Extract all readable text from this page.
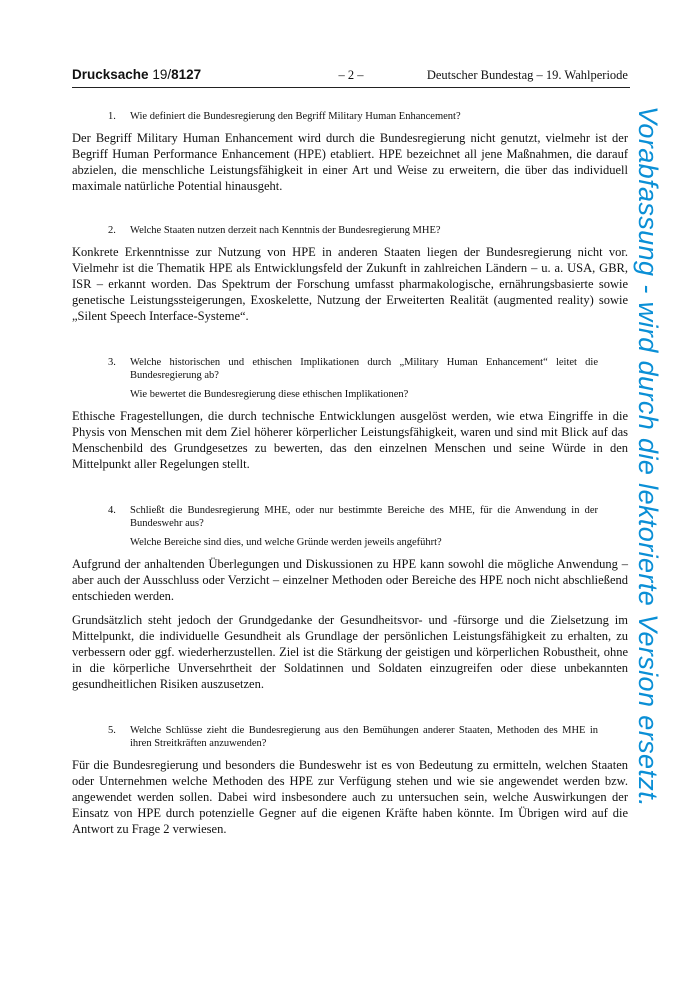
Drucksache 19/8127	– 2 –	Deutscher Bundestag – 19. Wahlperiode
1.	Wie definiert die Bundesregierung den Begriff Military Human Enhancement?

Der Begriff Military Human Enhancement wird durch die Bundesregierung nicht genutzt, vielmehr ist der Begriff Human Performance Enhancement (HPE) etabliert. HPE bezeichnet all jene Maßnahmen, die darauf abzielen, die menschliche Leistungsfähigkeit in einer Art und Weise zu erweitern, die über das individuell maximale natürliche Potential hinausgeht.

2.	Welche Staaten nutzen derzeit nach Kenntnis der Bundesregierung MHE?

Konkrete Erkenntnisse zur Nutzung von HPE in anderen Staaten liegen der Bundesregierung nicht vor. Vielmehr ist die Thematik HPE als Entwicklungsfeld der Zukunft in zahlreichen Ländern – u. a. USA, GBR, ISR – erkannt worden. Das Spektrum der Forschung umfasst pharmakologische, ernährungsbasierte sowie genetische Leistungssteigerungen, Exoskelette, Nutzung der Erweiterten Realität (augmented reality) sowie „Silent Speech Interface-Systeme“.

3.	Welche historischen und ethischen Implikationen durch „Military Human Enhancement“ leitet die Bundesregierung ab?
Wie bewertet die Bundesregierung diese ethischen Implikationen?

Ethische Fragestellungen, die durch technische Entwicklungen ausgelöst werden, wie etwa Eingriffe in die Physis von Menschen mit dem Ziel höherer körperlicher Leistungsfähigkeit, waren und sind mit Blick auf das Menschenbild des Grundgesetzes zu bewerten, das den einzelnen Menschen und seine Würde in den Mittelpunkt aller Regelungen stellt.

4.	Schließt die Bundesregierung MHE, oder nur bestimmte Bereiche des MHE, für die Anwendung in der Bundeswehr aus?
Welche Bereiche sind dies, und welche Gründe werden jeweils angeführt?

Aufgrund der anhaltenden Überlegungen und Diskussionen zu HPE kann sowohl die mögliche Anwendung – aber auch der Ausschluss oder Verzicht – einzelner Methoden oder Bereiche des HPE noch nicht abschließend entschieden werden.

Grundsätzlich steht jedoch der Grundgedanke der Gesundheitsvor- und -fürsorge und die Zielsetzung im Mittelpunkt, die individuelle Gesundheit als Grundlage der persönlichen Leistungsfähigkeit zu erhalten, zu verbessern oder ggf. wiederherzustellen. Ziel ist die Stärkung der geistigen und körperlichen Robustheit, ohne in die körperliche Unversehrtheit der Soldatinnen und Soldaten einzugreifen oder diese unbekannten gesundheitlichen Risiken auszusetzen.

5.	Welche Schlüsse zieht die Bundesregierung aus den Bemühungen anderer Staaten, Methoden des MHE in ihren Streitkräften anzuwenden?

Für die Bundesregierung und besonders die Bundeswehr ist es von Bedeutung zu ermitteln, welchen Staaten oder Unternehmen welche Methoden des HPE zur Verfügung stehen und wie sie angewendet werden bzw. angewendet werden sollen. Dabei wird insbesondere auch zu untersuchen sein, welche Auswirkungen der Einsatz von HPE durch potenzielle Gegner auf die eigenen Kräfte haben könnte. Im Übrigen wird auf die Antwort zu Frage 2 verwiesen.

Vorabfassung - wird durch die lektorierte Version ersetzt.
